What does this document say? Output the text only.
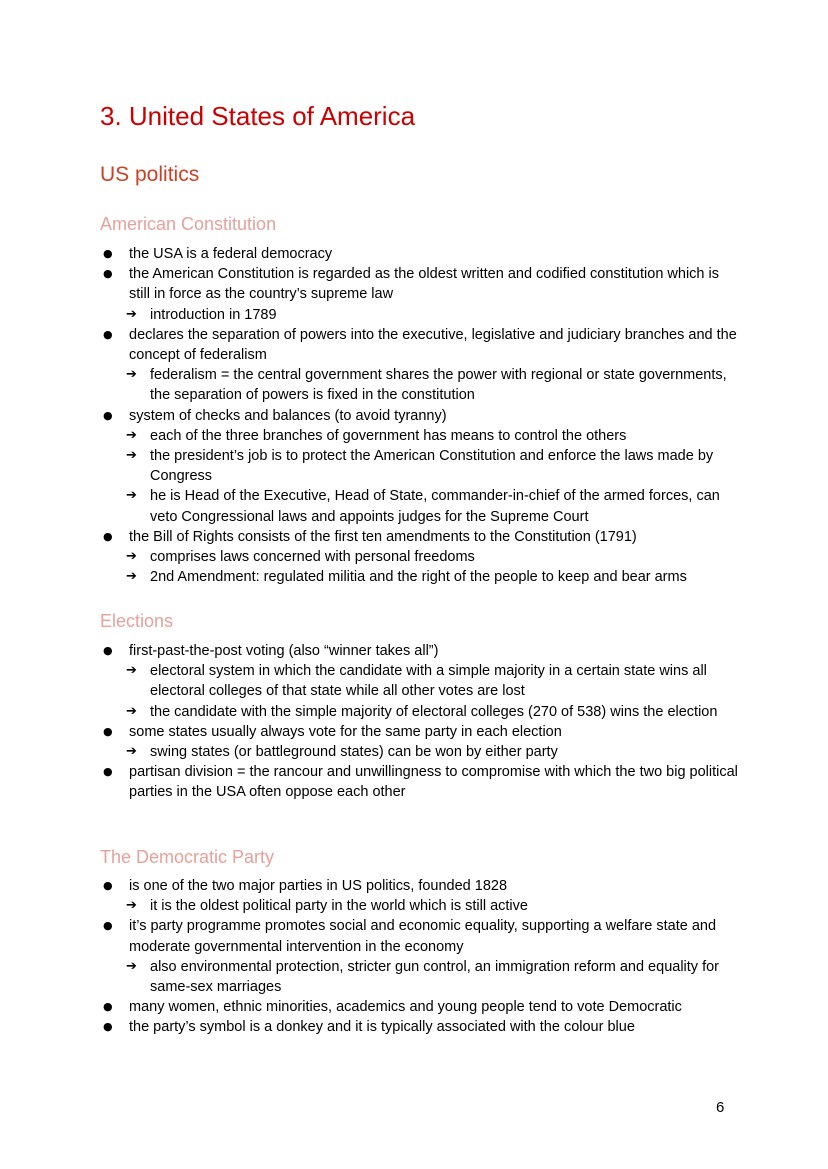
3. United States of America
US politics
American Constitution
● the USA is a federal democracy
● the American Constitution is regarded as the oldest written and codified constitution which is still in force as the country’s supreme law
➔ introduction in 1789
● declares the separation of powers into the executive, legislative and judiciary branches and the concept of federalism
➔ federalism = the central government shares the power with regional or state governments, the separation of powers is fixed in the constitution
● system of checks and balances (to avoid tyranny)
➔ each of the three branches of government has means to control the others
➔ the president’s job is to protect the American Constitution and enforce the laws made by Congress
➔ he is Head of the Executive, Head of State, commander-in-chief of the armed forces, can veto Congressional laws and appoints judges for the Supreme Court
● the Bill of Rights consists of the first ten amendments to the Constitution (1791)
➔ comprises laws concerned with personal freedoms
➔ 2nd Amendment: regulated militia and the right of the people to keep and bear arms
Elections
● first-past-the-post voting (also “winner takes all”)
➔ electoral system in which the candidate with a simple majority in a certain state wins all electoral colleges of that state while all other votes are lost
➔ the candidate with the simple majority of electoral colleges (270 of 538) wins the election
● some states usually always vote for the same party in each election
➔ swing states (or battleground states) can be won by either party
● partisan division = the rancour and unwillingness to compromise with which the two big political parties in the USA often oppose each other
The Democratic Party
● is one of the two major parties in US politics, founded 1828
➔ it is the oldest political party in the world which is still active
● it’s party programme promotes social and economic equality, supporting a welfare state and moderate governmental intervention in the economy
➔ also environmental protection, stricter gun control, an immigration reform and equality for same-sex marriages
● many women, ethnic minorities, academics and young people tend to vote Democratic
● the party’s symbol is a donkey and it is typically associated with the colour blue
6
